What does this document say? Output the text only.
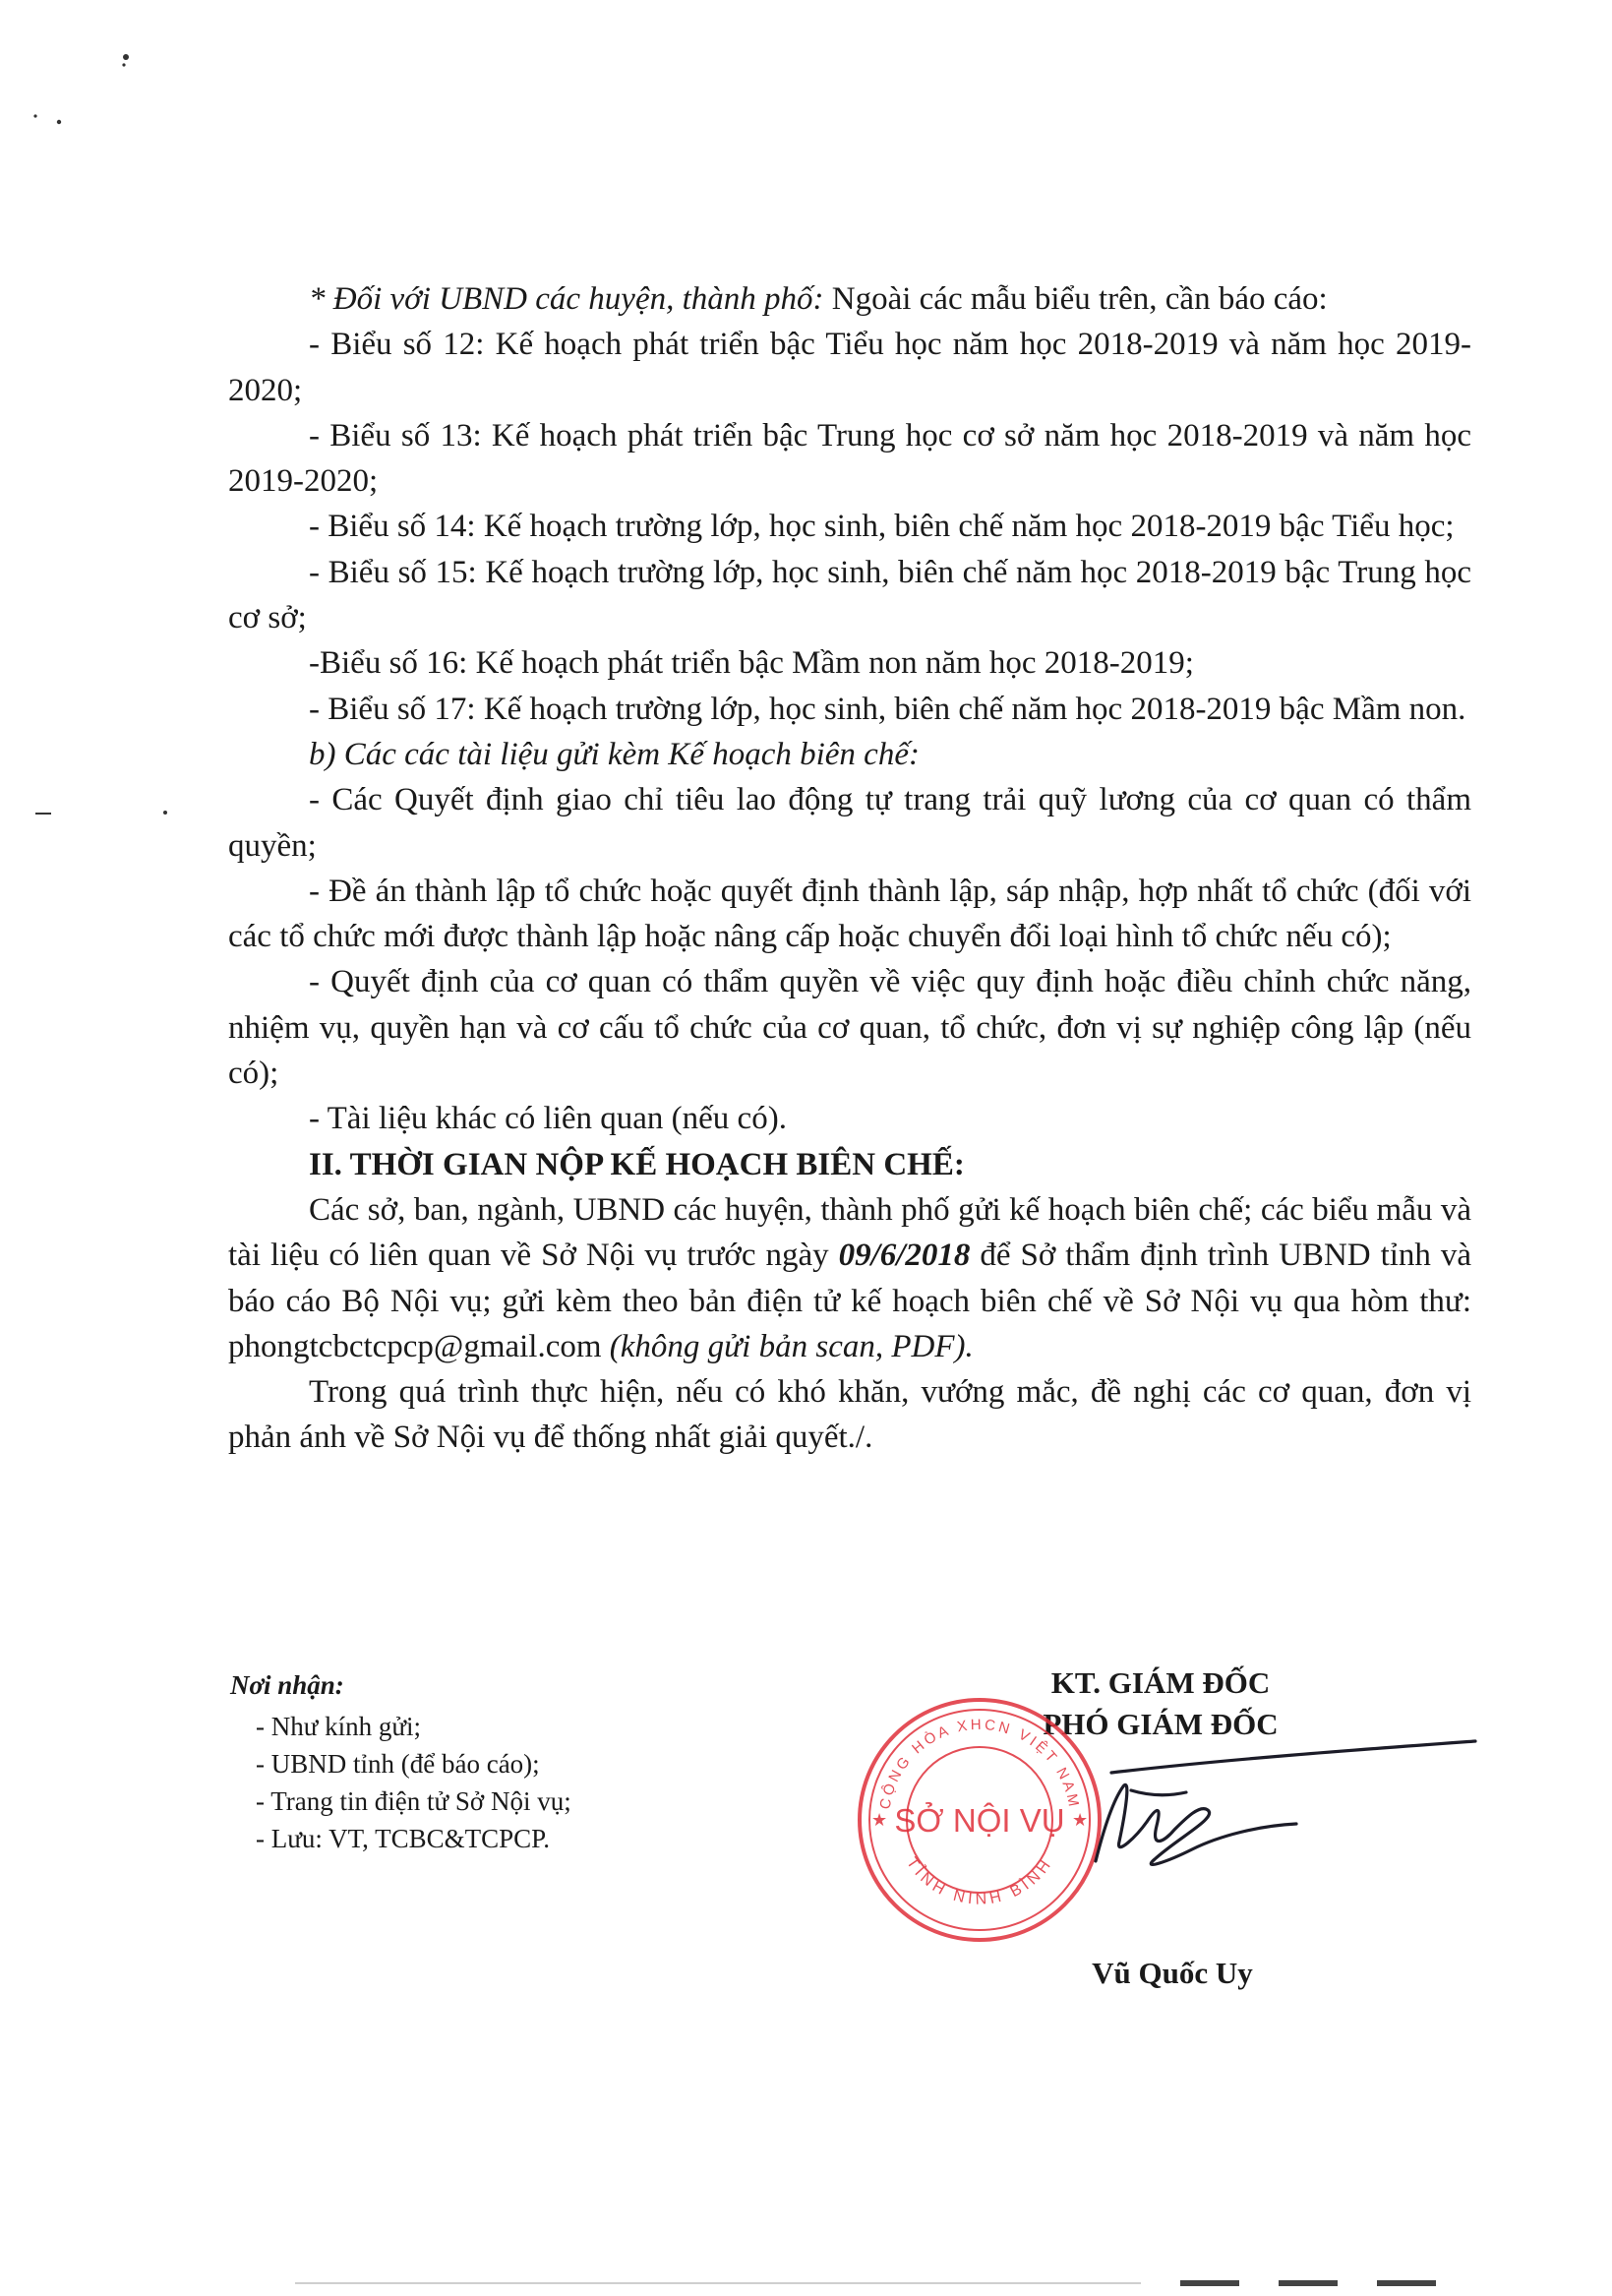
* Đối với UBND các huyện, thành phố: Ngoài các mẫu biểu trên, cần báo cáo:

- Biểu số 12: Kế hoạch phát triển bậc Tiểu học năm học 2018-2019 và năm học 2019-2020;

- Biểu số 13: Kế hoạch phát triển bậc Trung học cơ sở năm học 2018-2019 và năm học 2019-2020;

- Biểu số 14: Kế hoạch trường lớp, học sinh, biên chế năm học 2018-2019 bậc Tiểu học;

- Biểu số 15: Kế hoạch trường lớp, học sinh, biên chế năm học 2018-2019 bậc Trung học cơ sở;

-Biểu số 16: Kế hoạch phát triển bậc Mầm non năm học 2018-2019;

- Biểu số 17: Kế hoạch trường lớp, học sinh, biên chế năm học 2018-2019 bậc Mầm non.

b) Các các tài liệu gửi kèm Kế hoạch biên chế:

- Các Quyết định giao chỉ tiêu lao động tự trang trải quỹ lương của cơ quan có thẩm quyền;

- Đề án thành lập tổ chức hoặc quyết định thành lập, sáp nhập, hợp nhất tổ chức (đối với các tổ chức mới được thành lập hoặc nâng cấp hoặc chuyển đổi loại hình tổ chức nếu có);

- Quyết định của cơ quan có thẩm quyền về việc quy định hoặc điều chỉnh chức năng, nhiệm vụ, quyền hạn và cơ cấu tổ chức của cơ quan, tổ chức, đơn vị sự nghiệp công lập (nếu có);

- Tài liệu khác có liên quan (nếu có).

II. THỜI GIAN NỘP KẾ HOẠCH BIÊN CHẾ:

Các sở, ban, ngành, UBND các huyện, thành phố gửi kế hoạch biên chế; các biểu mẫu và tài liệu có liên quan về Sở Nội vụ trước ngày 09/6/2018 để Sở thẩm định trình UBND tỉnh và báo cáo Bộ Nội vụ; gửi kèm theo bản điện tử kế hoạch biên chế về Sở Nội vụ qua hòm thư: phongtcbctcpcp@gmail.com (không gửi bản scan, PDF).

Trong quá trình thực hiện, nếu có khó khăn, vướng mắc, đề nghị các cơ quan, đơn vị phản ánh về Sở Nội vụ để thống nhất giải quyết./.

Nơi nhận:
- Như kính gửi;
- UBND tỉnh (để báo cáo);
- Trang tin điện tử Sở Nội vụ;
- Lưu: VT, TCBC&TCPCP.
KT. GIÁM ĐỐC
PHÓ GIÁM ĐỐC
CỘNG HÒA XHCN VIỆT NAM
TỈNH NINH BÌNH
SỞ NỘI VỤ
★	★
Vũ Quốc Uy
